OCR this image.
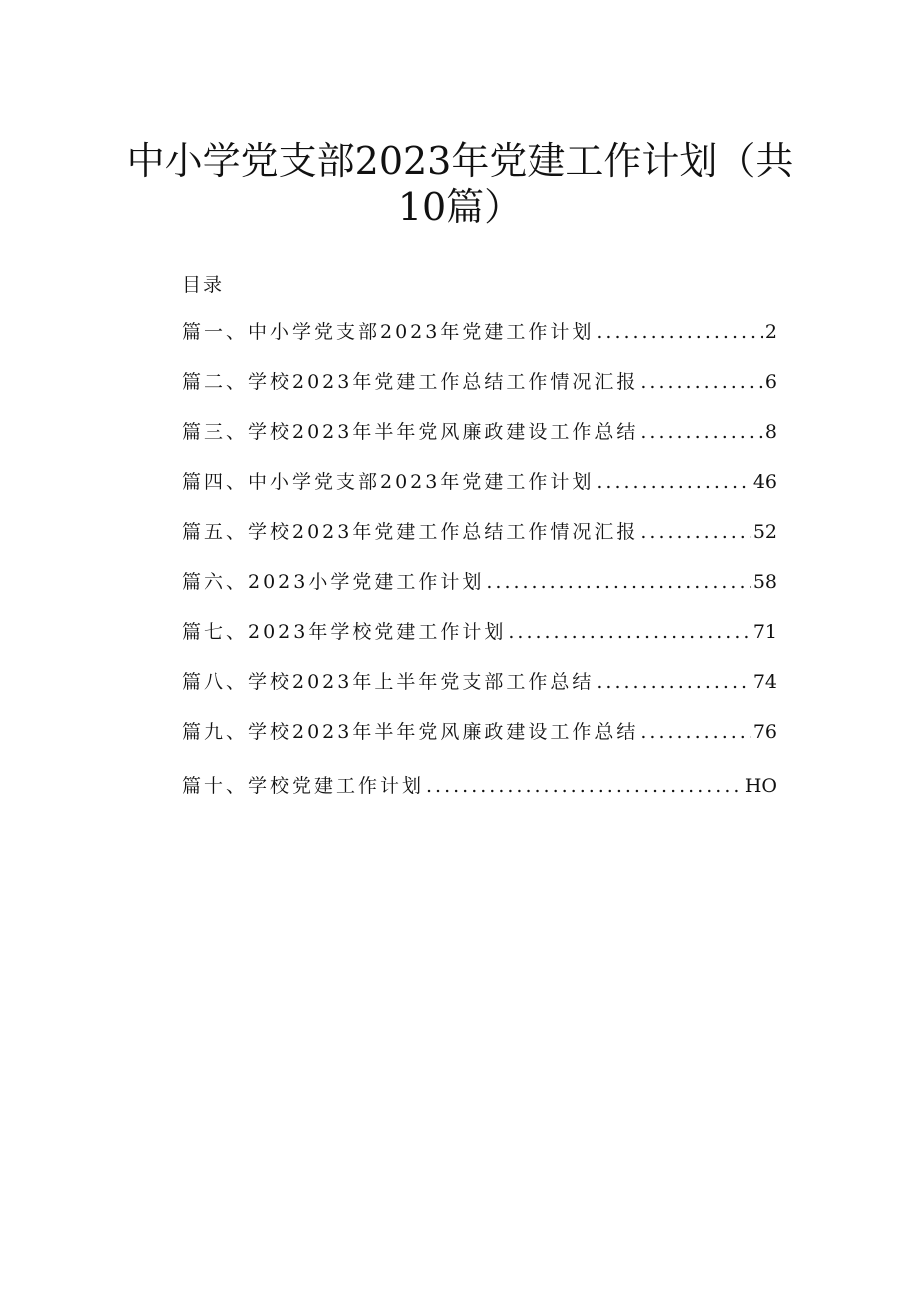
中小学党支部2023年党建工作计划（共10篇）
目录
篇一、中小学党支部2023年党建工作计划 .....	2
篇二、学校2023年党建工作总结工作情况汇报 .....	6
篇三、学校2023年半年党风廉政建设工作总结 .....	8
篇四、中小学党支部2023年党建工作计划 .....	46
篇五、学校2023年党建工作总结工作情况汇报 .....	52
篇六、2023小学党建工作计划 .....	58
篇七、2023年学校党建工作计划 .....	71
篇八、学校2023年上半年党支部工作总结 .....	74
篇九、学校2023年半年党风廉政建设工作总结 .....	76
篇十、学校党建工作计划 .....	HO
